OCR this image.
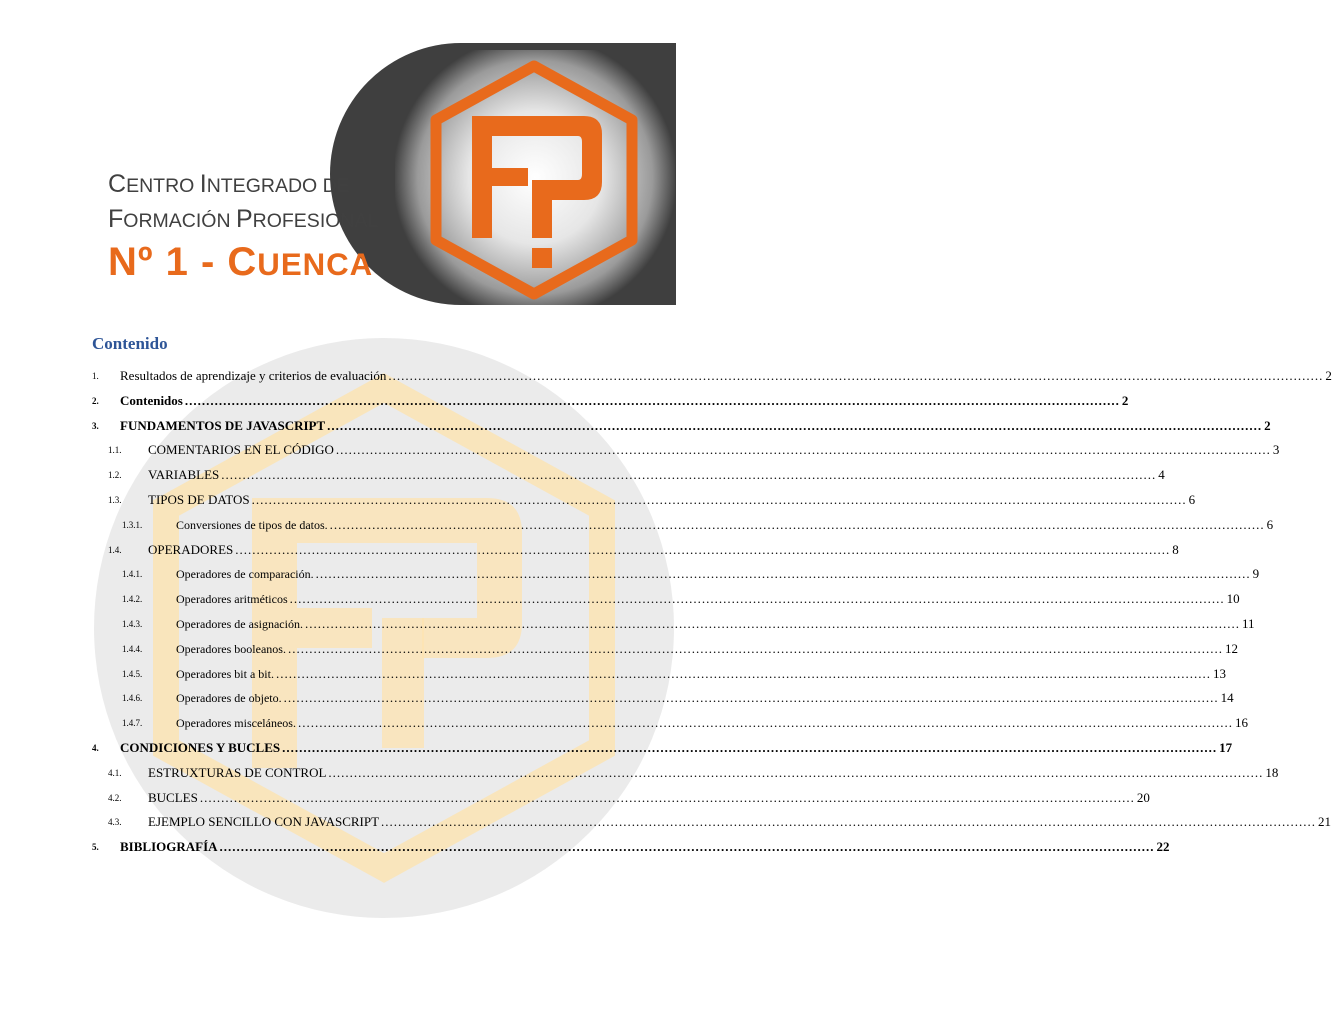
CENTRO INTEGRADO DE
FORMACIÓN PROFESIONAL
Nº 1 - CUENCA
Contenido
1. Resultados de aprendizaje y criterios de evaluación ............................................................................................................................................................................................................................ 2
2. Contenidos ............................................................................................................................................................................................................................ 2
3. FUNDAMENTOS DE JAVASCRIPT ............................................................................................................................................................................................................................ 2
1.1. COMENTARIOS EN EL CÓDIGO ............................................................................................................................................................................................................................ 3
1.2. VARIABLES ............................................................................................................................................................................................................................ 4
1.3. TIPOS DE DATOS ............................................................................................................................................................................................................................ 6
1.3.1.	Conversiones de tipos de datos. ............................................................................................................................................................................................................................ 6
1.4. OPERADORES ............................................................................................................................................................................................................................ 8
1.4.1.	Operadores de comparación. ............................................................................................................................................................................................................................ 9
1.4.2.	Operadores aritméticos ............................................................................................................................................................................................................................ 10
1.4.3.	Operadores de asignación. ............................................................................................................................................................................................................................ 11
1.4.4.	Operadores booleanos. ............................................................................................................................................................................................................................ 12
1.4.5.	Operadores bit a bit. ............................................................................................................................................................................................................................ 13
1.4.6.	Operadores de objeto. ............................................................................................................................................................................................................................ 14
1.4.7.	Operadores misceláneos. ............................................................................................................................................................................................................................ 16
4. CONDICIONES Y BUCLES ............................................................................................................................................................................................................................ 17
4.1. ESTRUXTURAS DE CONTROL ............................................................................................................................................................................................................................ 18
4.2. BUCLES ............................................................................................................................................................................................................................ 20
4.3. EJEMPLO SENCILLO CON JAVASCRIPT ............................................................................................................................................................................................................................ 21
5. BIBLIOGRAFÍA ............................................................................................................................................................................................................................ 22
